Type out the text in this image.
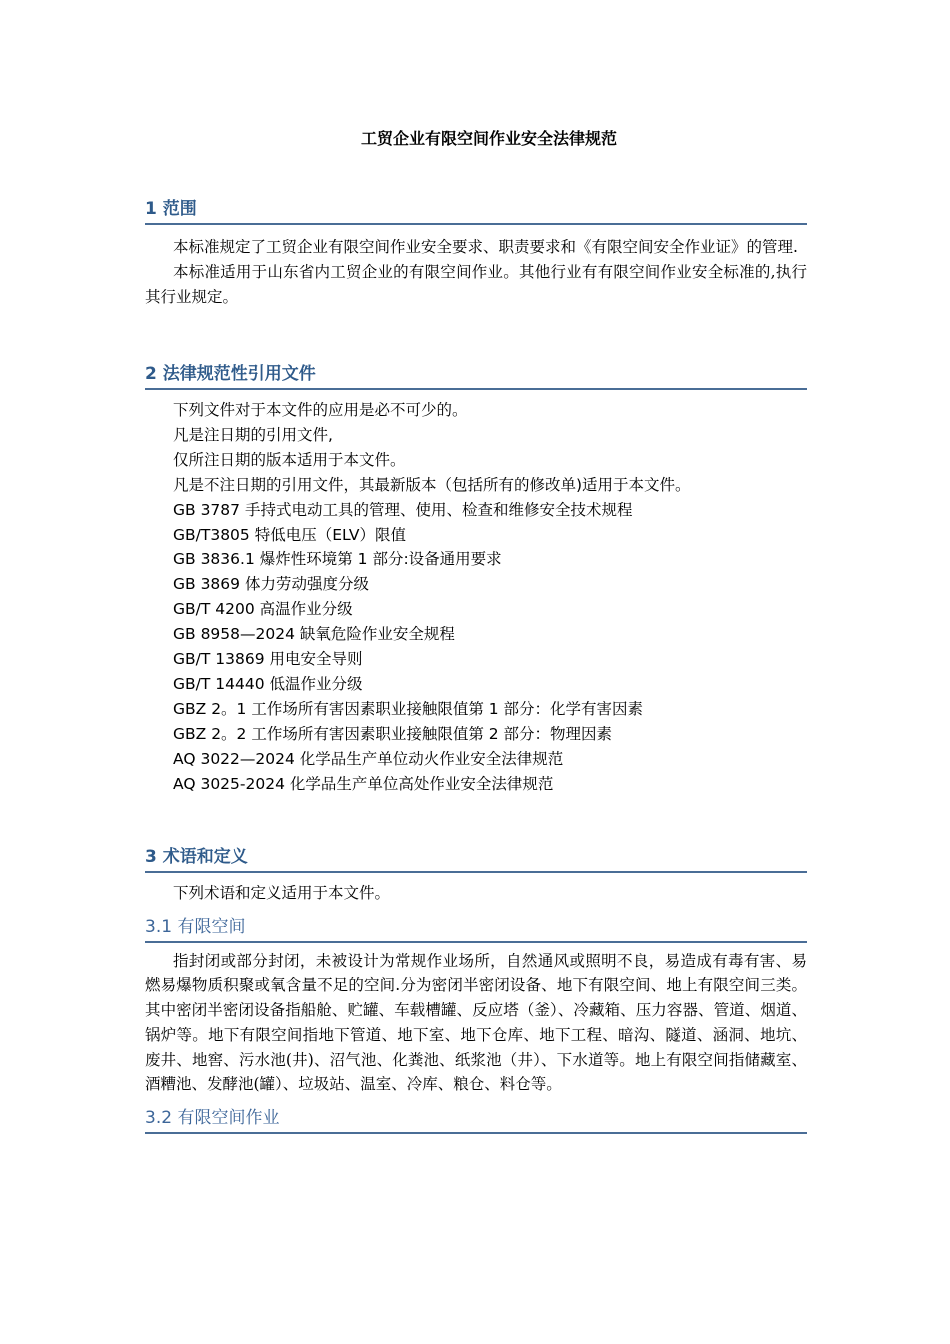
工贸企业有限空间作业安全法律规范
1 范围

本标准规定了工贸企业有限空间作业安全要求、职责要求和《有限空间安全作业证》的管理.

本标准适用于山东省内工贸企业的有限空间作业。其他行业有有限空间作业安全标准的,执行其行业规定。

2 法律规范性引用文件

下列文件对于本文件的应用是必不可少的。

凡是注日期的引用文件,

仅所注日期的版本适用于本文件。

凡是不注日期的引用文件，其最新版本（包括所有的修改单)适用于本文件。

GB 3787 手持式电动工具的管理、使用、检查和维修安全技术规程

GB/T3805 特低电压（ELV）限值

GB 3836.1 爆炸性环境第 1 部分:设备通用要求

GB 3869 体力劳动强度分级

GB/T 4200 高温作业分级

GB 8958—2024 缺氧危险作业安全规程

GB/T 13869 用电安全导则

GB/T 14440 低温作业分级

GBZ 2。1 工作场所有害因素职业接触限值第 1 部分：化学有害因素

GBZ 2。2 工作场所有害因素职业接触限值第 2 部分：物理因素

AQ 3022—2024 化学品生产单位动火作业安全法律规范

AQ 3025-2024 化学品生产单位高处作业安全法律规范

3 术语和定义

下列术语和定义适用于本文件。

3.1 有限空间

指封闭或部分封闭，未被设计为常规作业场所，自然通风或照明不良，易造成有毒有害、易燃易爆物质积聚或氧含量不足的空间.分为密闭半密闭设备、地下有限空间、地上有限空间三类。其中密闭半密闭设备指船舱、贮罐、车载槽罐、反应塔（釜）、冷藏箱、压力容器、管道、烟道、锅炉等。地下有限空间指地下管道、地下室、地下仓库、地下工程、暗沟、隧道、涵洞、地坑、废井、地窖、污水池(井)、沼气池、化粪池、纸浆池（井）、下水道等。地上有限空间指储藏室、酒糟池、发酵池(罐）、垃圾站、温室、冷库、粮仓、料仓等。

3.2 有限空间作业
